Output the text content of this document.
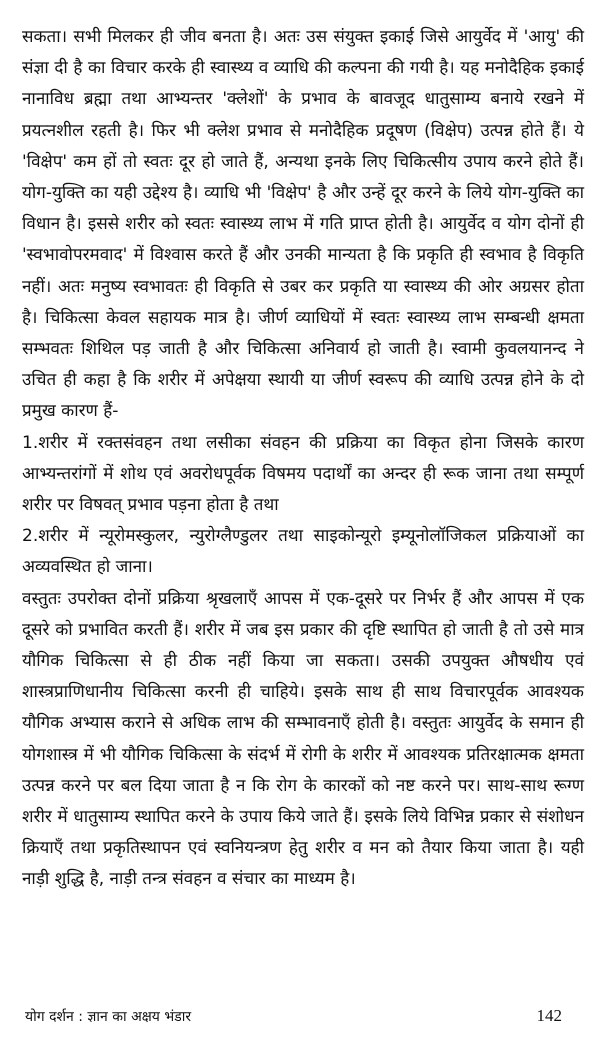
सकता। सभी मिलकर ही जीव बनता है। अतः उस संयुक्त इकाई जिसे आयुर्वेद में 'आयु' की संज्ञा दी है का विचार करके ही स्वास्थ्य व व्याधि की कल्पना की गयी है। यह मनोदैहिक इकाई नानाविध ब्रह्मा तथा आभ्यन्तर 'क्लेशों' के प्रभाव के बावजूद धातुसाम्य बनाये रखने में प्रयत्नशील रहती है। फिर भी क्लेश प्रभाव से मनोदैहिक प्रदूषण (विक्षेप) उत्पन्न होते हैं। ये 'विक्षेप' कम हों तो स्वतः दूर हो जाते हैं, अन्यथा इनके लिए चिकित्सीय उपाय करने होते हैं। योग-युक्ति का यही उद्देश्य है। व्याधि भी 'विक्षेप' है और उन्हें दूर करने के लिये योग-युक्ति का विधान है। इससे शरीर को स्वतः स्वास्थ्य लाभ में गति प्राप्त होती है। आयुर्वेद व योग दोनों ही 'स्वभावोपरमवाद' में विश्वास करते हैं और उनकी मान्यता है कि प्रकृति ही स्वभाव है विकृति नहीं। अतः मनुष्य स्वभावतः ही विकृति से उबर कर प्रकृति या स्वास्थ्य की ओर अग्रसर होता है। चिकित्सा केवल सहायक मात्र है। जीर्ण व्याधियों में स्वतः स्वास्थ्य लाभ सम्बन्धी क्षमता सम्भवतः शिथिल पड़ जाती है और चिकित्सा अनिवार्य हो जाती है। स्वामी कुवलयानन्द ने उचित ही कहा है कि शरीर में अपेक्षया स्थायी या जीर्ण स्वरूप की व्याधि उत्पन्न होने के दो प्रमुख कारण हैं-

1.शरीर में रक्तसंवहन तथा लसीका संवहन की प्रक्रिया का विकृत होना जिसके कारण आभ्यन्तरांगों में शोथ एवं अवरोधपूर्वक विषमय पदार्थों का अन्दर ही रूक जाना तथा सम्पूर्ण शरीर पर विषवत् प्रभाव पड़ना होता है तथा

2.शरीर में न्यूरोमस्कुलर, न्युरोग्लैण्डुलर तथा साइकोन्यूरो इम्यूनोलॉजिकल प्रक्रियाओं का अव्यवस्थित हो जाना।

वस्तुतः उपरोक्त दोनों प्रक्रिया श्रृखलाएँ आपस में एक-दूसरे पर निर्भर हैं और आपस में एक दूसरे को प्रभावित करती हैं। शरीर में जब इस प्रकार की दृष्टि स्थापित हो जाती है तो उसे मात्र यौगिक चिकित्सा से ही ठीक नहीं किया जा सकता। उसकी उपयुक्त औषधीय एवं शास्त्रप्राणिधानीय चिकित्सा करनी ही चाहिये। इसके साथ ही साथ विचारपूर्वक आवश्यक यौगिक अभ्यास कराने से अधिक लाभ की सम्भावनाएँ होती है। वस्तुतः आयुर्वेद के समान ही योगशास्त्र में भी यौगिक चिकित्सा के संदर्भ में रोगी के शरीर में आवश्यक प्रतिरक्षात्मक क्षमता उत्पन्न करने पर बल दिया जाता है न कि रोग के कारकों को नष्ट करने पर। साथ-साथ रूग्ण शरीर में धातुसाम्य स्थापित करने के उपाय किये जाते हैं। इसके लिये विभिन्न प्रकार से संशोधन क्रियाएँ तथा प्रकृतिस्थापन एवं स्वनियन्त्रण हेतु शरीर व मन को तैयार किया जाता है। यही नाड़ी शुद्धि है, नाड़ी तन्त्र संवहन व संचार का माध्यम है।

योग दर्शन : ज्ञान का अक्षय भंडार	142
